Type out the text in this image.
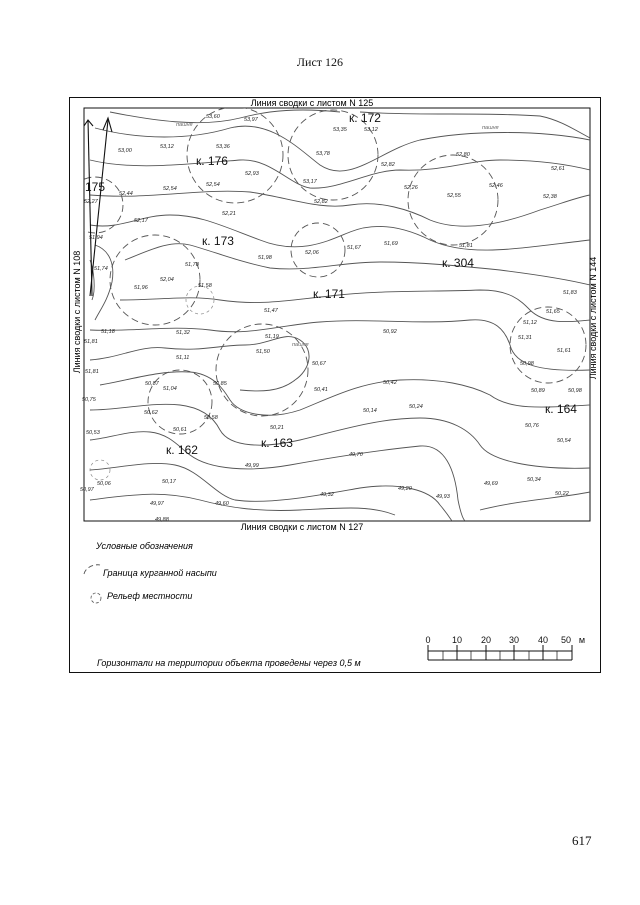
Лист 126
Линия сводки с листом N 125
Линия сводки с листом N 127
Линия сводки с листом N 108	Линия сводки с листом N 144
пашня	пашня
пашня
к. 176
к. 172
175
к. 173
к. 304
к. 171
к. 164
к. 162	к. 163
53,60	53,97
53,36
53,35	53,12
53,00
53,12
53,78
52,82
52,80
52,61
52,93
53,17
52,82
52,26
52,55
52,46
52,38
52,44
52,54
52,54
52,21
52,17
51,94
52,06
51,67
51,69	51,81
51,78
51,98
51,74
51,96
52,04
51,58
51,83
51,47	51,65
51,18	51,32
51,19
50,92
51,12
51,81
51,50
51,31
51,11
50,67	50,98
51,61
50,87
51,04
50,85	50,42
50,89	50,98
50,75
50,62
50,58
50,41
50,21
50,14
50,24
50,53	50,61
50,76
50,54
49,99
49,70
50,06	50,17	49,69
50,34
49,97	49,60
49,32
49,20
49,93	50,22
49,88
52,27
51,81
50,97
Условные обозначения
Граница курганной насыпи
Рельеф местности
0 10 20 30 40 50 м
Горизонтали на территории объекта проведены через 0,5 м
617
